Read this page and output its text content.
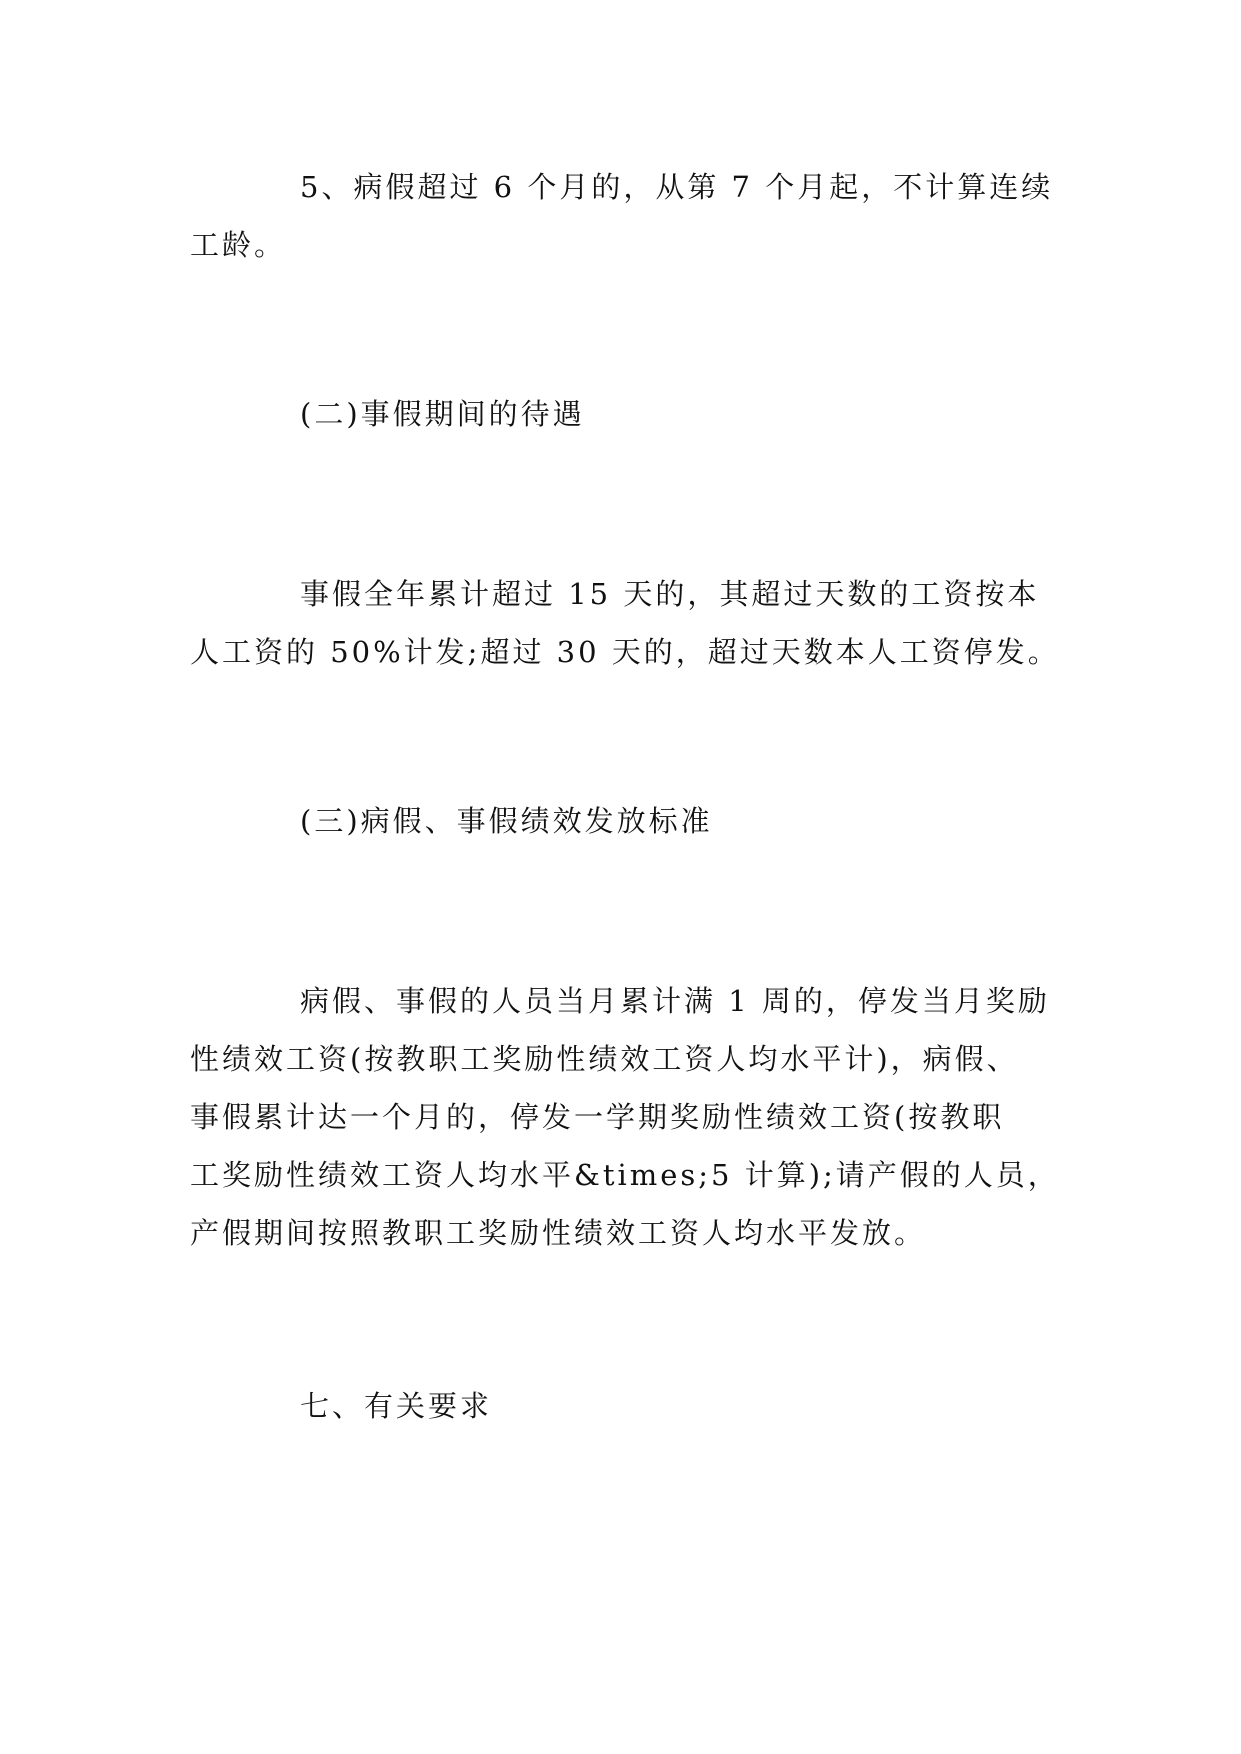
5、病假超过 6 个月的，从第 7 个月起，不计算连续
工龄。

(二)事假期间的待遇

事假全年累计超过 15 天的，其超过天数的工资按本
人工资的 50%计发;超过 30 天的，超过天数本人工资停发。

(三)病假、事假绩效发放标准

病假、事假的人员当月累计满 1 周的，停发当月奖励
性绩效工资(按教职工奖励性绩效工资人均水平计)，病假、
事假累计达一个月的，停发一学期奖励性绩效工资(按教职
工奖励性绩效工资人均水平&times;5 计算);请产假的人员，
产假期间按照教职工奖励性绩效工资人均水平发放。

七、有关要求
